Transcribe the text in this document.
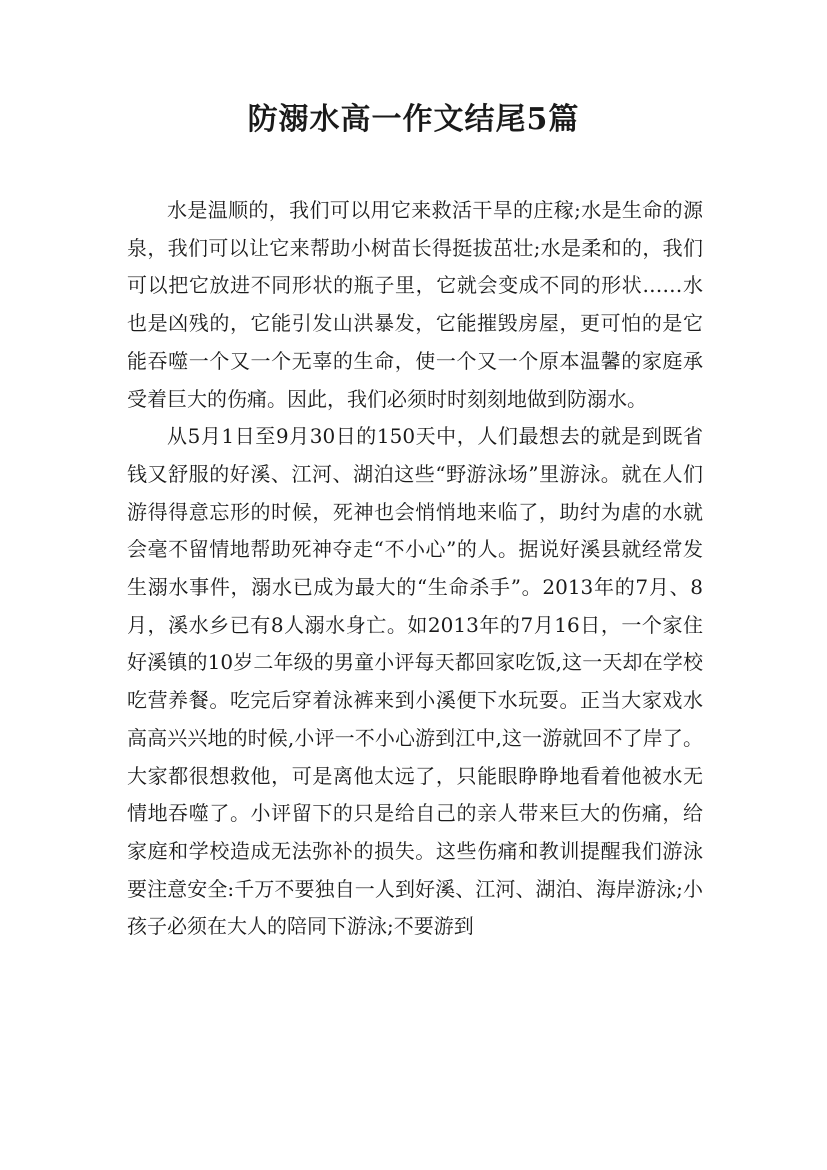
防溺水高一作文结尾5篇

水是温顺的，我们可以用它来救活干旱的庄稼;水是生命的源泉，我们可以让它来帮助小树苗长得挺拔茁壮;水是柔和的，我们可以把它放进不同形状的瓶子里，它就会变成不同的形状……水也是凶残的，它能引发山洪暴发，它能摧毁房屋，更可怕的是它能吞噬一个又一个无辜的生命，使一个又一个原本温馨的家庭承受着巨大的伤痛。因此，我们必须时时刻刻地做到防溺水。

从5月1日至9月30日的150天中，人们最想去的就是到既省钱又舒服的好溪、江河、湖泊这些“野游泳场”里游泳。就在人们游得得意忘形的时候，死神也会悄悄地来临了，助纣为虐的水就会毫不留情地帮助死神夺走“不小心”的人。据说好溪县就经常发生溺水事件，溺水已成为最大的“生命杀手”。2013年的7月、8月，溪水乡已有8人溺水身亡。如2013年的7月16日，一个家住好溪镇的10岁二年级的男童小评每天都回家吃饭,这一天却在学校吃营养餐。吃完后穿着泳裤来到小溪便下水玩耍。正当大家戏水高高兴兴地的时候,小评一不小心游到江中,这一游就回不了岸了。大家都很想救他，可是离他太远了，只能眼睁睁地看着他被水无情地吞噬了。小评留下的只是给自己的亲人带来巨大的伤痛，给家庭和学校造成无法弥补的损失。这些伤痛和教训提醒我们游泳要注意安全:千万不要独自一人到好溪、江河、湖泊、海岸游泳;小孩子必须在大人的陪同下游泳;不要游到
